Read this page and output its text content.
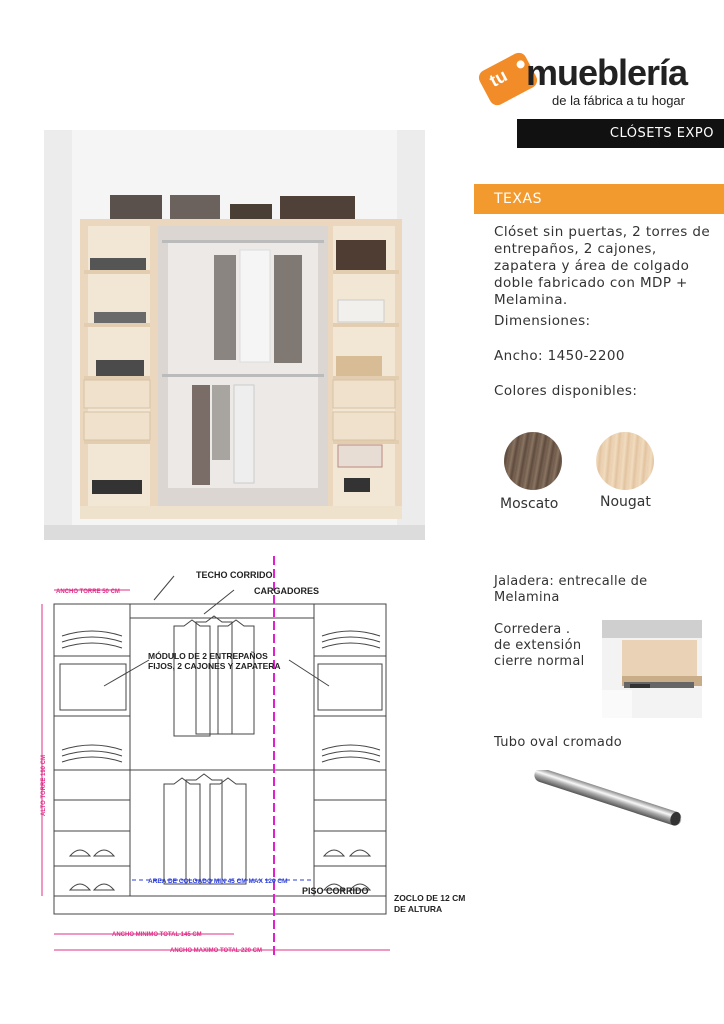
tu mueblería
de la fábrica a tu hogar
CLÓSETS EXPO
TEXAS
Clóset sin puertas, 2 torres de entrepaños, 2 cajones, zapatera y área de colgado doble fabricado con MDP + Melamina.
Dimensiones:
Ancho: 1450-2200
Colores disponibles:
Moscato	Nougat
Jaladera: entrecalle de
Melamina
Corredera .
de extensión
cierre normal
Tubo oval cromado
TECHO CORRIDO
CARGADORES
MÓDULO DE 2 ENTREPAÑOS
FIJOS, 2 CAJONES Y ZAPATERA
ANCHO TORRE 50 CM
ALTO TORRE 190 CM
AREA DE COLGADO MIN 45 CM MAX 120 CM
PISO CORRIDO
ZOCLO DE 12 CM
DE ALTURA
ANCHO MINIMO TOTAL 145 CM
ANCHO MAXIMO TOTAL 220 CM
